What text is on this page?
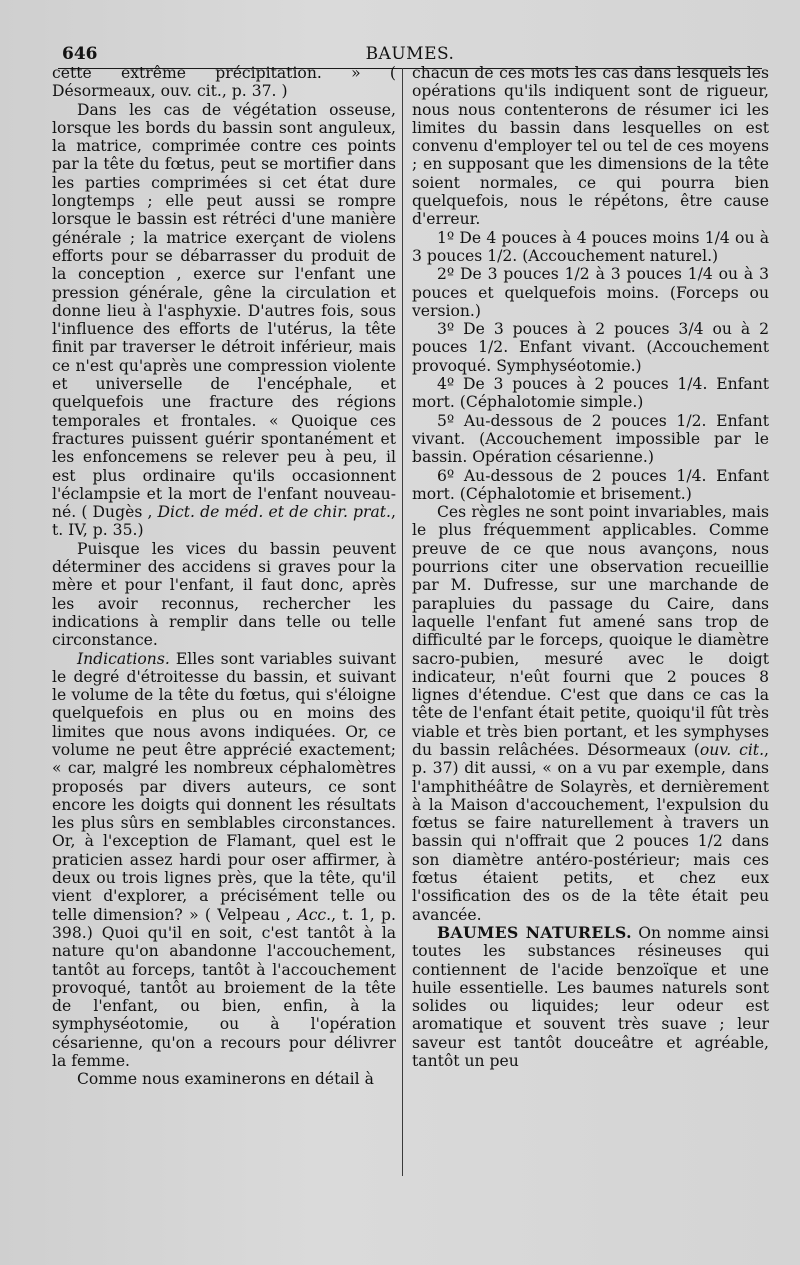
646	BAUMES.

cette extrême précipitation. » ( Désormeaux, ouv. cit., p. 37. )

Dans les cas de végétation osseuse, lorsque les bords du bassin sont anguleux, la matrice, comprimée contre ces points par la tête du fœtus, peut se mortifier dans les parties comprimées si cet état dure longtemps ; elle peut aussi se rompre lorsque le bassin est rétréci d'une manière générale ; la matrice exerçant de violens efforts pour se débarrasser du produit de la conception , exerce sur l'enfant une pression générale, gêne la circulation et donne lieu à l'asphyxie. D'autres fois, sous l'influence des efforts de l'utérus, la tête finit par traverser le détroit inférieur, mais ce n'est qu'après une compression violente et universelle de l'encéphale, et quelquefois une fracture des régions temporales et frontales. « Quoique ces fractures puissent guérir spontanément et les enfoncemens se relever peu à peu, il est plus ordinaire qu'ils occasionnent l'éclampsie et la mort de l'enfant nouveau-né. ( Dugès , Dict. de méd. et de chir. prat., t. IV, p. 35.)

Puisque les vices du bassin peuvent déterminer des accidens si graves pour la mère et pour l'enfant, il faut donc, après les avoir reconnus, rechercher les indications à remplir dans telle ou telle circonstance.

Indications. Elles sont variables suivant le degré d'étroitesse du bassin, et suivant le volume de la tête du fœtus, qui s'éloigne quelquefois en plus ou en moins des limites que nous avons indiquées. Or, ce volume ne peut être apprécié exactement; « car, malgré les nombreux céphalomètres proposés par divers auteurs, ce sont encore les doigts qui donnent les résultats les plus sûrs en semblables circonstances. Or, à l'exception de Flamant, quel est le praticien assez hardi pour oser affirmer, à deux ou trois lignes près, que la tête, qu'il vient d'explorer, a précisément telle ou telle dimension? » ( Velpeau , Acc., t. 1, p. 398.) Quoi qu'il en soit, c'est tantôt à la nature qu'on abandonne l'accouchement, tantôt au forceps, tantôt à l'accouchement provoqué, tantôt au broiement de la tête de l'enfant, ou bien, enfin, à la symphyséotomie, ou à l'opération césarienne, qu'on a recours pour délivrer la femme.

Comme nous examinerons en détail à

chacun de ces mots les cas dans lesquels les opérations qu'ils indiquent sont de rigueur, nous nous contenterons de résumer ici les limites du bassin dans lesquelles on est convenu d'employer tel ou tel de ces moyens ; en supposant que les dimensions de la tête soient normales, ce qui pourra bien quelquefois, nous le répétons, être cause d'erreur.

1º De 4 pouces à 4 pouces moins 1/4 ou à 3 pouces 1/2. (Accouchement naturel.)

2º De 3 pouces 1/2 à 3 pouces 1/4 ou à 3 pouces et quelquefois moins. (Forceps ou version.)

3º De 3 pouces à 2 pouces 3/4 ou à 2 pouces 1/2. Enfant vivant. (Accouchement provoqué. Symphyséotomie.)

4º De 3 pouces à 2 pouces 1/4. Enfant mort. (Céphalotomie simple.)

5º Au-dessous de 2 pouces 1/2. Enfant vivant. (Accouchement impossible par le bassin. Opération césarienne.)

6º Au-dessous de 2 pouces 1/4. Enfant mort. (Céphalotomie et brisement.)

Ces règles ne sont point invariables, mais le plus fréquemment applicables. Comme preuve de ce que nous avançons, nous pourrions citer une observation recueillie par M. Dufresse, sur une marchande de parapluies du passage du Caire, dans laquelle l'enfant fut amené sans trop de difficulté par le forceps, quoique le diamètre sacro-pubien, mesuré avec le doigt indicateur, n'eût fourni que 2 pouces 8 lignes d'étendue. C'est que dans ce cas la tête de l'enfant était petite, quoiqu'il fût très viable et très bien portant, et les symphyses du bassin relâchées. Désormeaux (ouv. cit., p. 37) dit aussi, « on a vu par exemple, dans l'amphithéâtre de Solayrès, et dernièrement à la Maison d'accouchement, l'expulsion du fœtus se faire naturellement à travers un bassin qui n'offrait que 2 pouces 1/2 dans son diamètre antéro-postérieur; mais ces fœtus étaient petits, et chez eux l'ossification des os de la tête était peu avancée.

BAUMES NATURELS. On nomme ainsi toutes les substances résineuses qui contiennent de l'acide benzoïque et une huile essentielle. Les baumes naturels sont solides ou liquides; leur odeur est aromatique et souvent très suave ; leur saveur est tantôt douceâtre et agréable, tantôt un peu
